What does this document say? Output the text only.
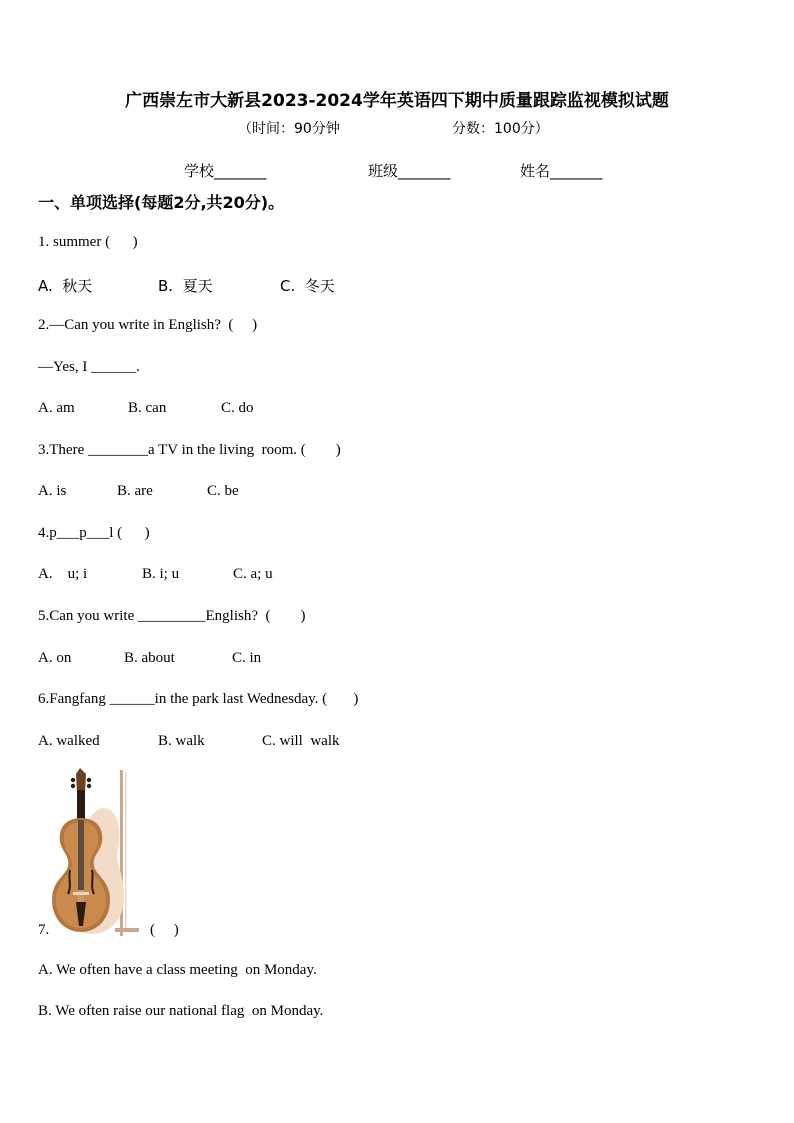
广西崇左市大新县2023-2024学年英语四下期中质量跟踪监视模拟试题
（时间：90分钟	分数：100分）
学校_______	班级_______	姓名_______
一、单项选择(每题2分,共20分)。
1. summer (      )
A.  秋天	B.  夏天	C.  冬天
2.—Can you write in English?  (     )
—Yes, I ______.
A. am	B. can	C. do
3.There ________a TV in the living  room. (        )
A. is	B. are	C. be
4.p___p___l (      )
A.    u; i	B. i; u	C. a; u
5.Can you write _________English?  (        )
A. on	B. about	C. in
6.Fangfang ______in the park last Wednesday. (       )
A. walked	B. walk	C. will  walk
7.	(     )
A. We often have a class meeting  on Monday.
B. We often raise our national flag  on Monday.
